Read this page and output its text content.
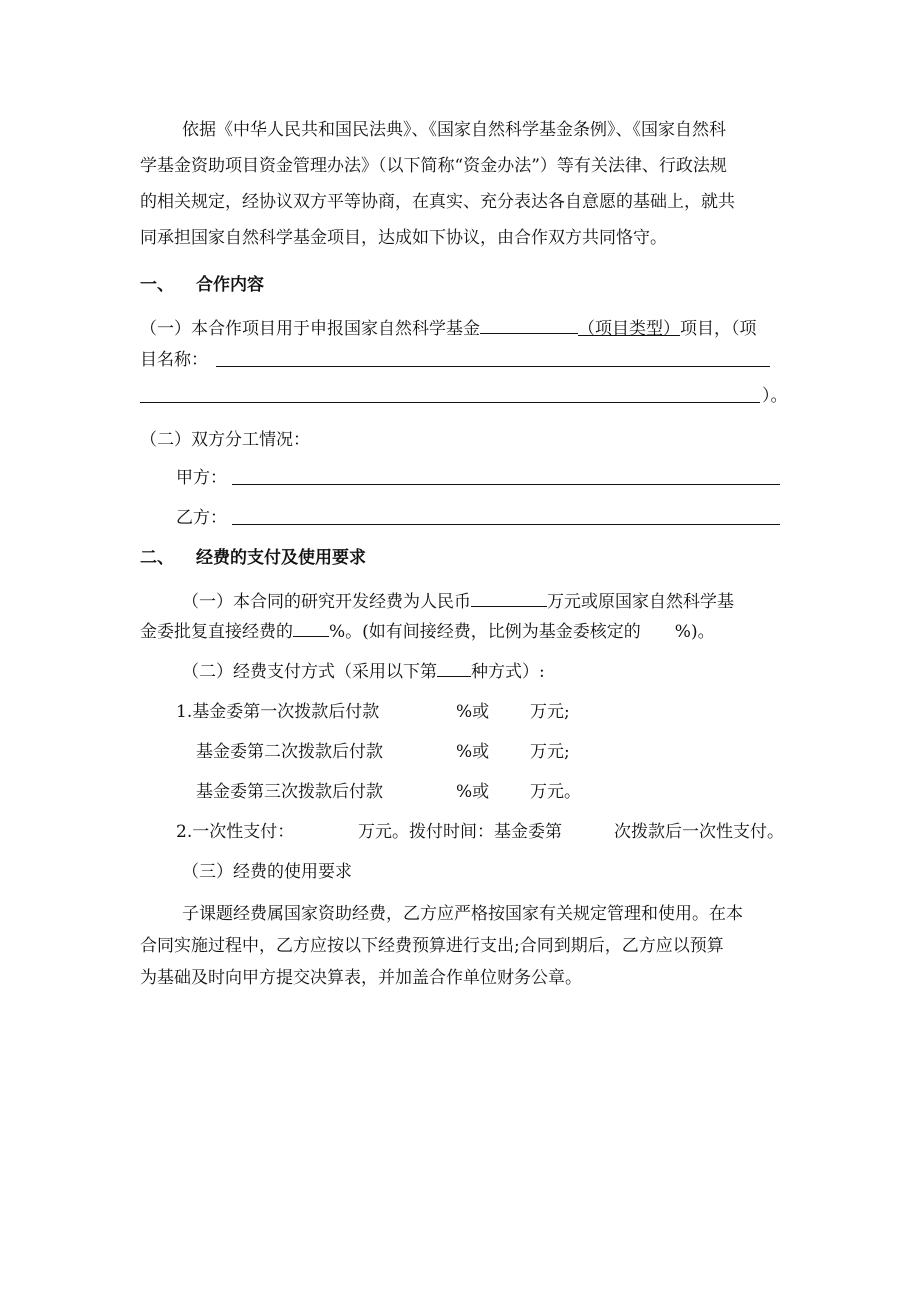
依据《中华人民共和国民法典》、《国家自然科学基金条例》、《国家自然科
学基金资助项目资金管理办法》（以下简称“资金办法”）等有关法律、行政法规
的相关规定，经协议双方平等协商，在真实、充分表达各自意愿的基础上，就共
同承担国家自然科学基金项目，达成如下协议，由合作双方共同恪守。
一、 合作内容
（一）本合作项目用于申报国家自然科学基金	（项目类型）项目，（项
目名称：
）。
（二）双方分工情况：
甲方：
乙方：
二、 经费的支付及使用要求
（一）本合同的研究开发经费为人民币	万元或原国家自然科学基
金委批复直接经费的 %。(如有间接经费，比例为基金委核定的 %)。
（二）经费支付方式（采用以下第 种方式）:
1.基金委第一次拨款后付款	%或 万元;
基金委第二次拨款后付款	%或 万元;
基金委第三次拨款后付款	%或 万元。
2.一次性支付：	万元。拨付时间：基金委第	次拨款后一次性支付。
（三）经费的使用要求
子课题经费属国家资助经费，乙方应严格按国家有关规定管理和使用。在本
合同实施过程中，乙方应按以下经费预算进行支出;合同到期后，乙方应以预算
为基础及时向甲方提交决算表，并加盖合作单位财务公章。
